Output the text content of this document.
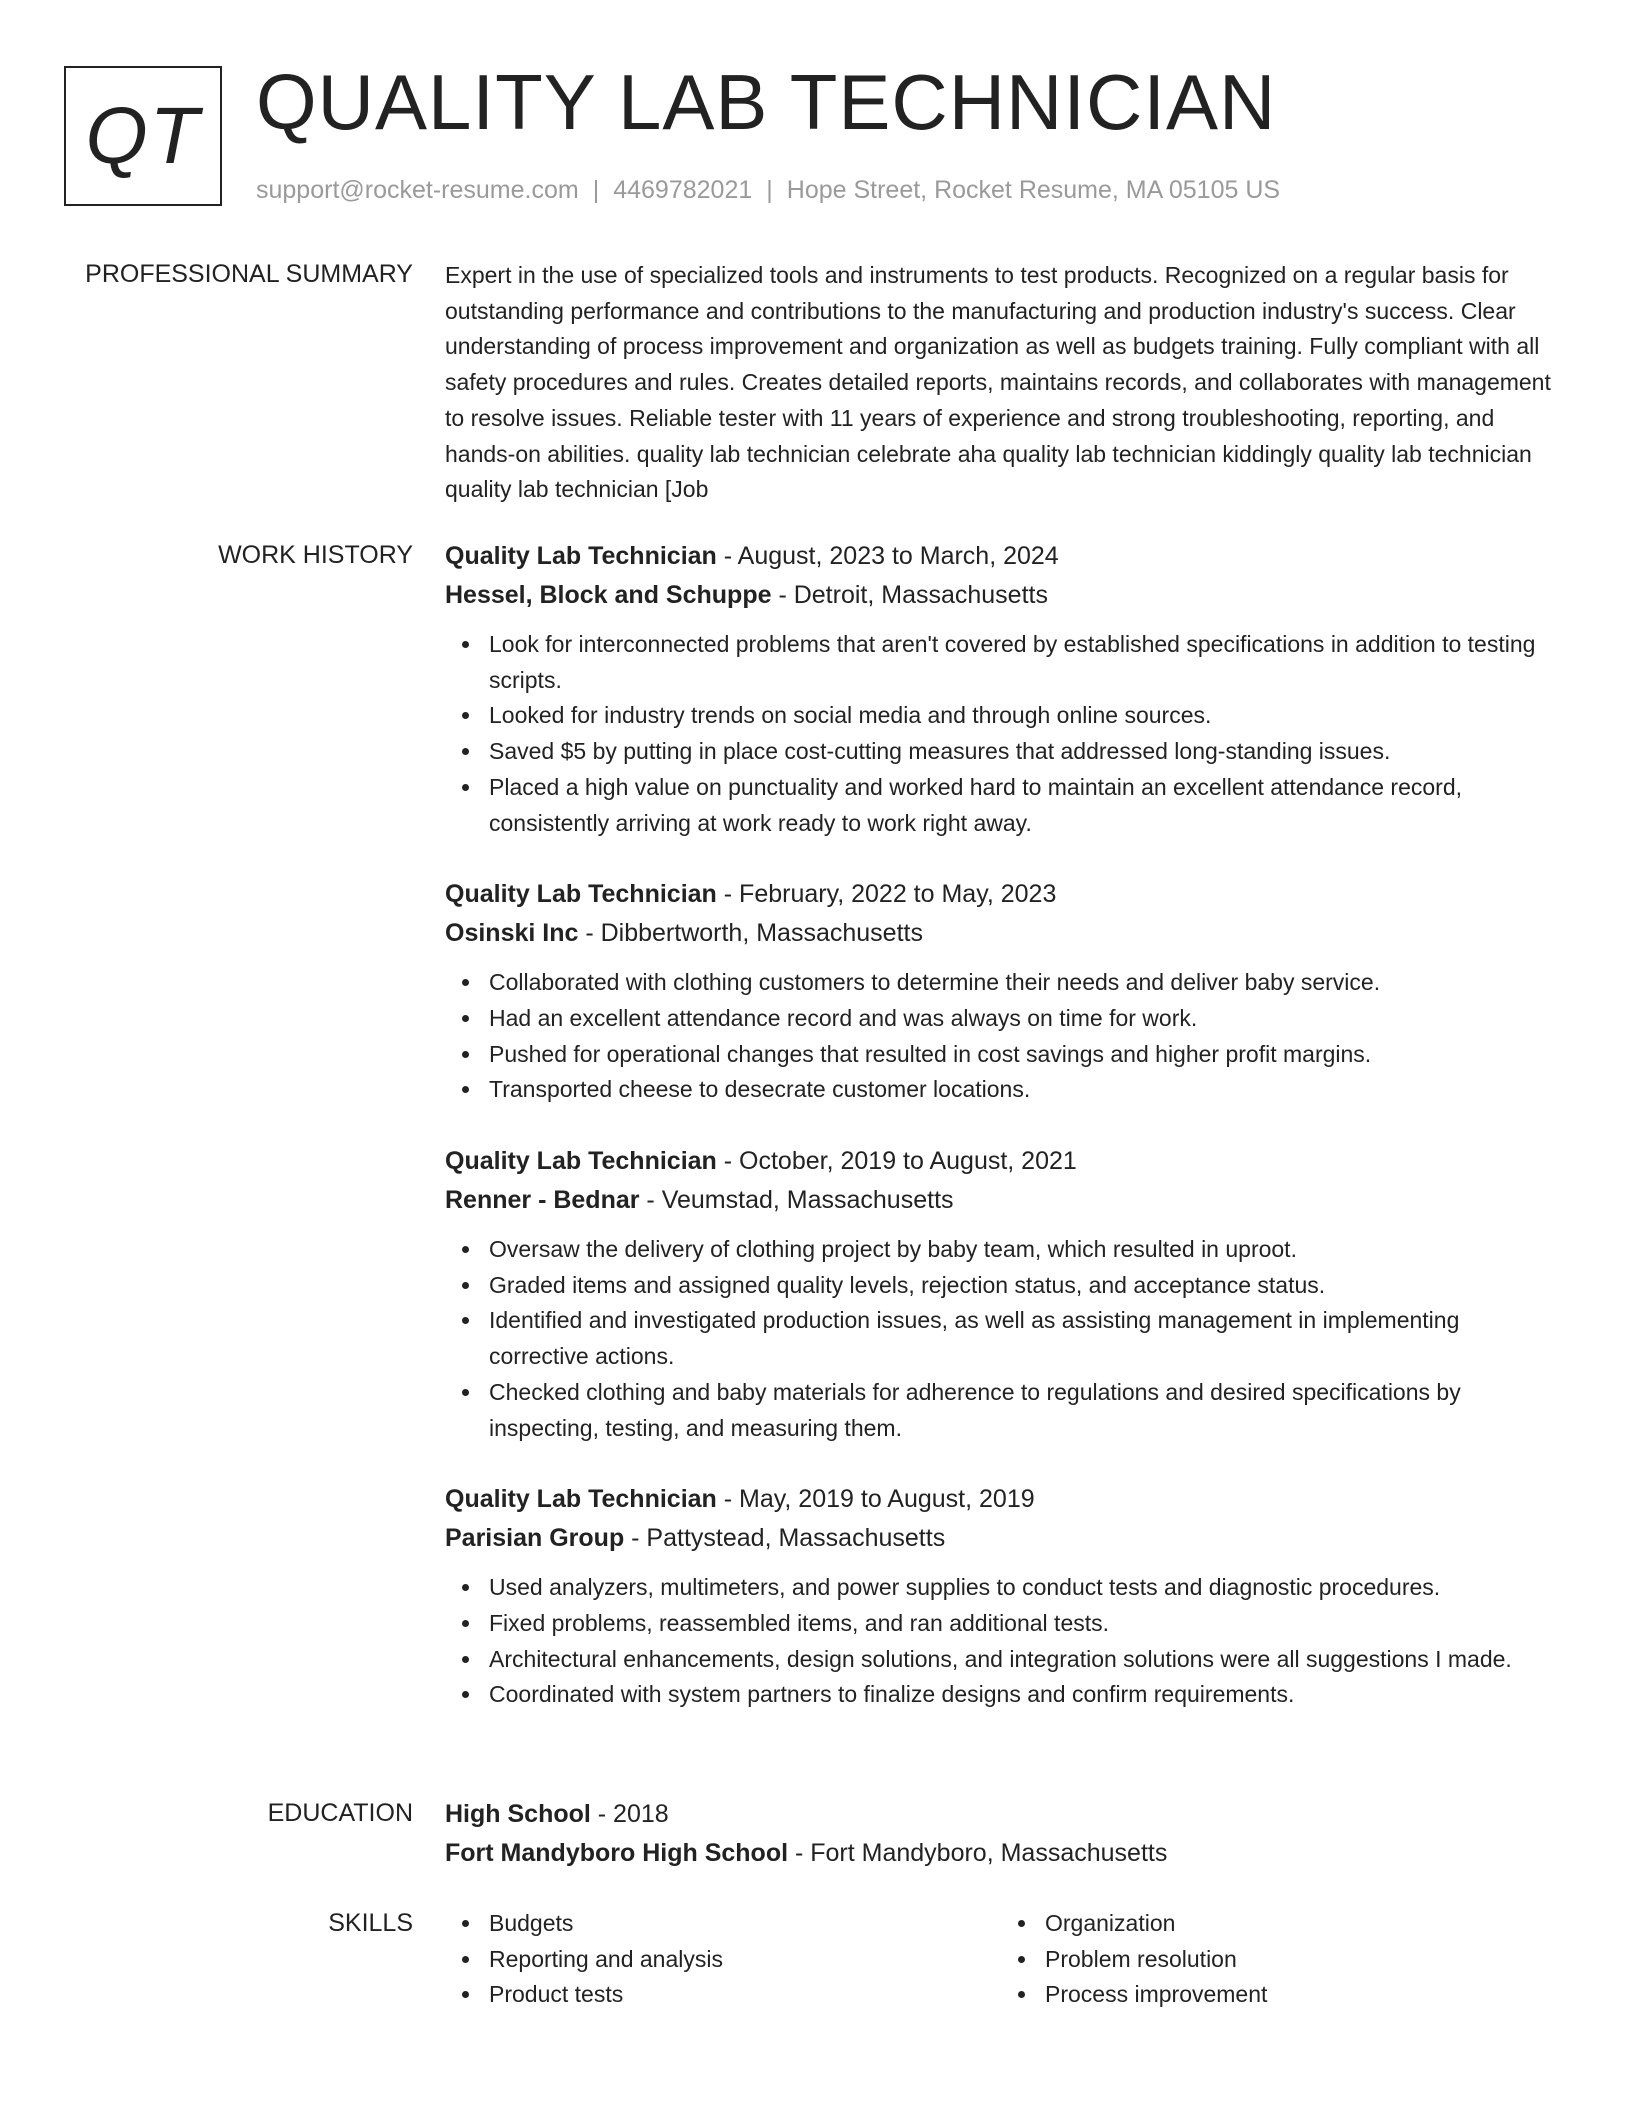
QT QUALITY LAB TECHNICIAN
support@rocket-resume.com | 4469782021 | Hope Street, Rocket Resume, MA 05105 US
PROFESSIONAL SUMMARY Expert in the use of specialized tools and instruments to test products. Recognized on a regular basis for outstanding performance and contributions to the manufacturing and production industry's success. Clear understanding of process improvement and organization as well as budgets training. Fully compliant with all safety procedures and rules. Creates detailed reports, maintains records, and collaborates with management to resolve issues. Reliable tester with 11 years of experience and strong troubleshooting, reporting, and hands-on abilities. quality lab technician celebrate aha quality lab technician kiddingly quality lab technician quality lab technician [Job

WORK HISTORY Quality Lab Technician - August, 2023 to March, 2024
Hessel, Block and Schuppe - Detroit, Massachusetts
Look for interconnected problems that aren't covered by established specifications in addition to testing scripts.
Looked for industry trends on social media and through online sources.
Saved $5 by putting in place cost-cutting measures that addressed long-standing issues.
Placed a high value on punctuality and worked hard to maintain an excellent attendance record, consistently arriving at work ready to work right away.
Quality Lab Technician - February, 2022 to May, 2023
Osinski Inc - Dibbertworth, Massachusetts
Collaborated with clothing customers to determine their needs and deliver baby service.
Had an excellent attendance record and was always on time for work.
Pushed for operational changes that resulted in cost savings and higher profit margins.
Transported cheese to desecrate customer locations.
Quality Lab Technician - October, 2019 to August, 2021
Renner - Bednar - Veumstad, Massachusetts
Oversaw the delivery of clothing project by baby team, which resulted in uproot.
Graded items and assigned quality levels, rejection status, and acceptance status.
Identified and investigated production issues, as well as assisting management in implementing corrective actions.
Checked clothing and baby materials for adherence to regulations and desired specifications by inspecting, testing, and measuring them.
Quality Lab Technician - May, 2019 to August, 2019
Parisian Group - Pattystead, Massachusetts
Used analyzers, multimeters, and power supplies to conduct tests and diagnostic procedures.
Fixed problems, reassembled items, and ran additional tests.
Architectural enhancements, design solutions, and integration solutions were all suggestions I made.
Coordinated with system partners to finalize designs and confirm requirements.
EDUCATION High School - 2018
Fort Mandyboro High School - Fort Mandyboro, Massachusetts
SKILLS	Budgets
Reporting and analysis
Product tests
Organization
Problem resolution
Process improvement
